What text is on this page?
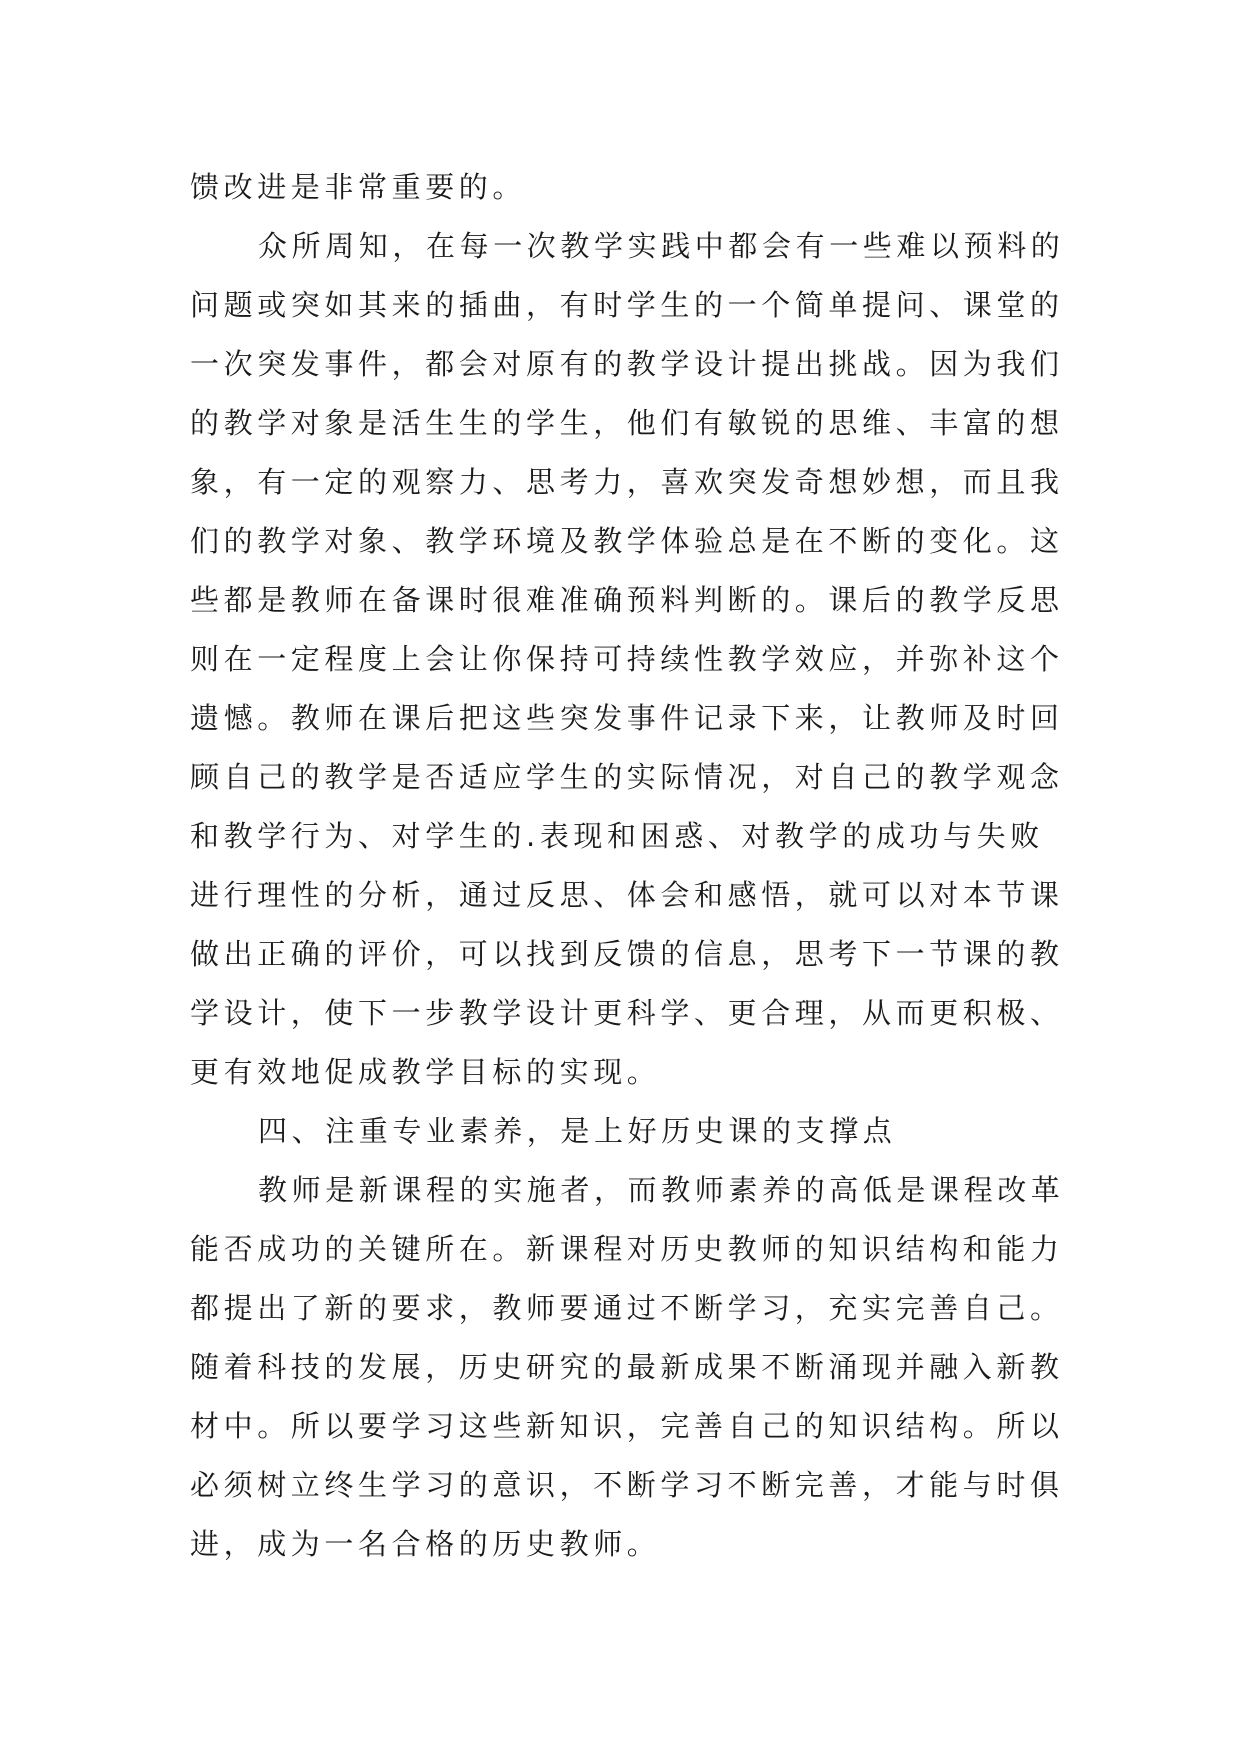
馈改进是非常重要的。

众所周知，在每一次教学实践中都会有一些难以预料的

问题或突如其来的插曲，有时学生的一个简单提问、课堂的

一次突发事件，都会对原有的教学设计提出挑战。因为我们

的教学对象是活生生的学生，他们有敏锐的思维、丰富的想

象，有一定的观察力、思考力，喜欢突发奇想妙想，而且我

们的教学对象、教学环境及教学体验总是在不断的变化。这

些都是教师在备课时很难准确预料判断的。课后的教学反思

则在一定程度上会让你保持可持续性教学效应，并弥补这个

遗憾。教师在课后把这些突发事件记录下来，让教师及时回

顾自己的教学是否适应学生的实际情况，对自己的教学观念

和教学行为、对学生的.表现和困惑、对教学的成功与失败

进行理性的分析，通过反思、体会和感悟，就可以对本节课

做出正确的评价，可以找到反馈的信息，思考下一节课的教

学设计，使下一步教学设计更科学、更合理，从而更积极、

更有效地促成教学目标的实现。

四、注重专业素养，是上好历史课的支撑点

教师是新课程的实施者，而教师素养的高低是课程改革

能否成功的关键所在。新课程对历史教师的知识结构和能力

都提出了新的要求，教师要通过不断学习，充实完善自己。

随着科技的发展，历史研究的最新成果不断涌现并融入新教

材中。所以要学习这些新知识，完善自己的知识结构。所以

必须树立终生学习的意识，不断学习不断完善，才能与时俱

进，成为一名合格的历史教师。
